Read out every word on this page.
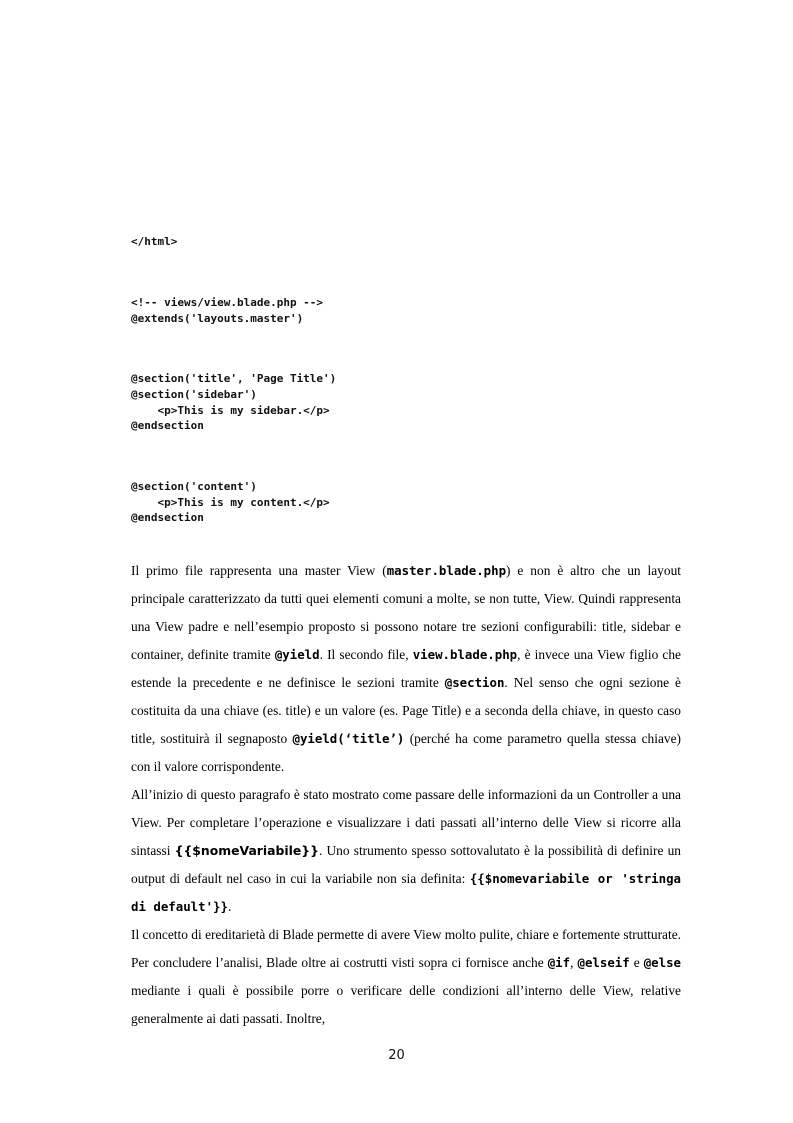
</html>

<!-- views/view.blade.php -->
@extends('layouts.master')

@section('title', 'Page Title')
@section('sidebar')
<p>This is my sidebar.</p>
@endsection

@section('content')
<p>This is my content.</p>
@endsection

Il primo file rappresenta una master View (master.blade.php) e non è altro che un layout principale caratterizzato da tutti quei elementi comuni a molte, se non tutte, View. Quindi rappresenta una View padre e nell’esempio proposto si possono notare tre sezioni configurabili: title, sidebar e container, definite tramite @yield. Il secondo file, view.blade.php, è invece una View figlio che estende la precedente e ne definisce le sezioni tramite @section. Nel senso che ogni sezione è costituita da una chiave (es. title) e un valore (es. Page Title) e a seconda della chiave, in questo caso title, sostituirà il segnaposto @yield(‘title’) (perché ha come parametro quella stessa chiave) con il valore corrispondente.

All’inizio di questo paragrafo è stato mostrato come passare delle informazioni da un Controller a una View. Per completare l’operazione e visualizzare i dati passati all’interno delle View si ricorre alla sintassi {{$nomeVariabile}}. Uno strumento spesso sottovalutato è la possibilità di definire un output di default nel caso in cui la variabile non sia definita: {{$nomevariabile or 'stringa di default'}}.

Il concetto di ereditarietà di Blade permette di avere View molto pulite, chiare e fortemente strutturate. Per concludere l’analisi, Blade oltre ai costrutti visti sopra ci fornisce anche @if, @elseif e @else mediante i quali è possibile porre o verificare delle condizioni all’interno delle View, relative generalmente ai dati passati. Inoltre,

20
